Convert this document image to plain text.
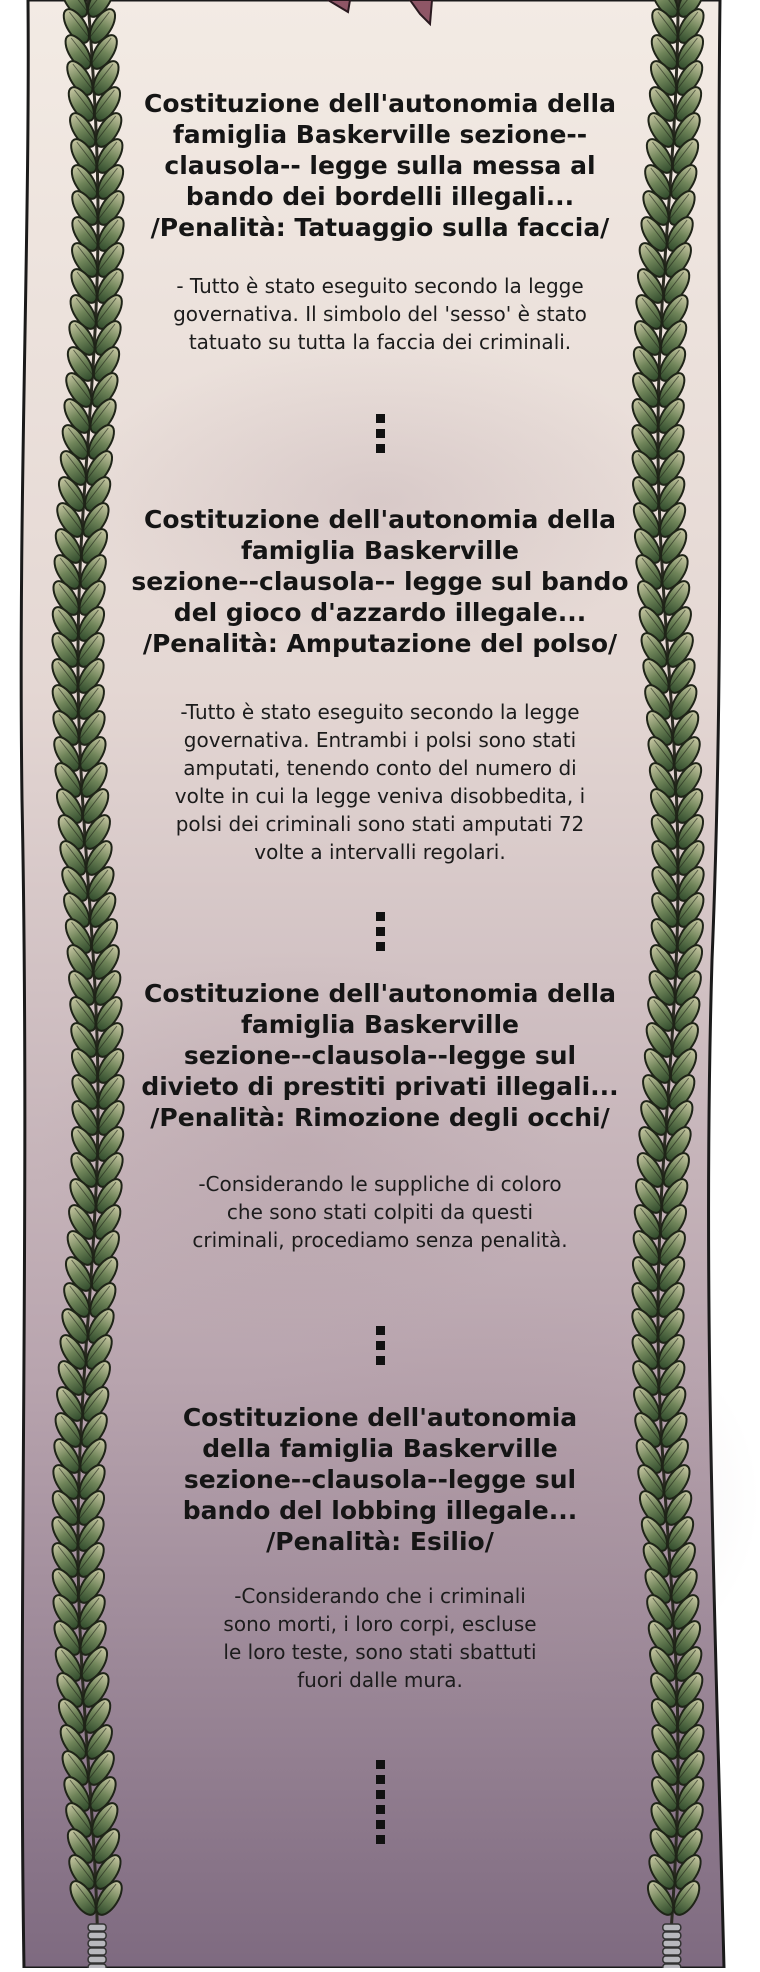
Costituzione dell'autonomia della
famiglia Baskerville sezione--
clausola-- legge sulla messa al
bando dei bordelli illegali...
/Penalità: Tatuaggio sulla faccia/

- Tutto è stato eseguito secondo la legge
governativa. Il simbolo del 'sesso' è stato
tatuato su tutta la faccia dei criminali.

Costituzione dell'autonomia della
famiglia Baskerville
sezione--clausola-- legge sul bando
del gioco d'azzardo illegale...
/Penalità: Amputazione del polso/

-Tutto è stato eseguito secondo la legge
governativa. Entrambi i polsi sono stati
amputati, tenendo conto del numero di
volte in cui la legge veniva disobbedita, i
polsi dei criminali sono stati amputati 72
volte a intervalli regolari.

Costituzione dell'autonomia della
famiglia Baskerville
sezione--clausola--legge sul
divieto di prestiti privati illegali...
/Penalità: Rimozione degli occhi/

-Considerando le suppliche di coloro
che sono stati colpiti da questi
criminali, procediamo senza penalità.

Costituzione dell'autonomia
della famiglia Baskerville
sezione--clausola--legge sul
bando del lobbing illegale...
/Penalità: Esilio/

-Considerando che i criminali
sono morti, i loro corpi, escluse
le loro teste, sono stati sbattuti
fuori dalle mura.
